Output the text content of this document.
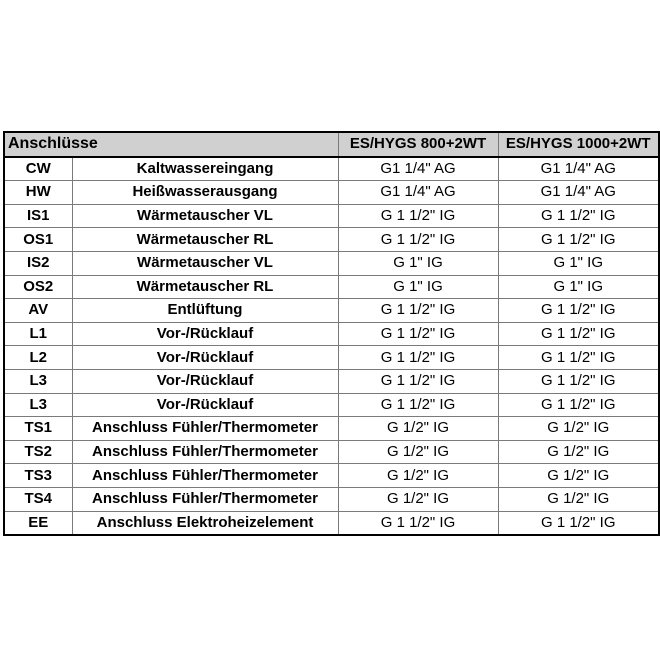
Anschlüsse		ES/HYGS 800+2WT	ES/HYGS 1000+2WT
CW	Kaltwassereingang	G1 1/4" AG	G1 1/4" AG
HW	Heißwasserausgang	G1 1/4" AG	G1 1/4" AG
IS1	Wärmetauscher VL	G 1 1/2" IG	G 1 1/2" IG
OS1	Wärmetauscher RL	G 1 1/2" IG	G 1 1/2" IG
IS2	Wärmetauscher VL	G 1" IG	G 1" IG
OS2	Wärmetauscher RL	G 1" IG	G 1" IG
AV	Entlüftung	G 1 1/2" IG	G 1 1/2" IG
L1	Vor-/Rücklauf	G 1 1/2" IG	G 1 1/2" IG
L2	Vor-/Rücklauf	G 1 1/2" IG	G 1 1/2" IG
L3	Vor-/Rücklauf	G 1 1/2" IG	G 1 1/2" IG
L3	Vor-/Rücklauf	G 1 1/2" IG	G 1 1/2" IG
TS1	Anschluss Fühler/Thermometer	G 1/2" IG	G 1/2" IG
TS2	Anschluss Fühler/Thermometer	G 1/2" IG	G 1/2" IG
TS3	Anschluss Fühler/Thermometer	G 1/2" IG	G 1/2" IG
TS4	Anschluss Fühler/Thermometer	G 1/2" IG	G 1/2" IG
EE	Anschluss Elektroheizelement	G 1 1/2" IG	G 1 1/2" IG
